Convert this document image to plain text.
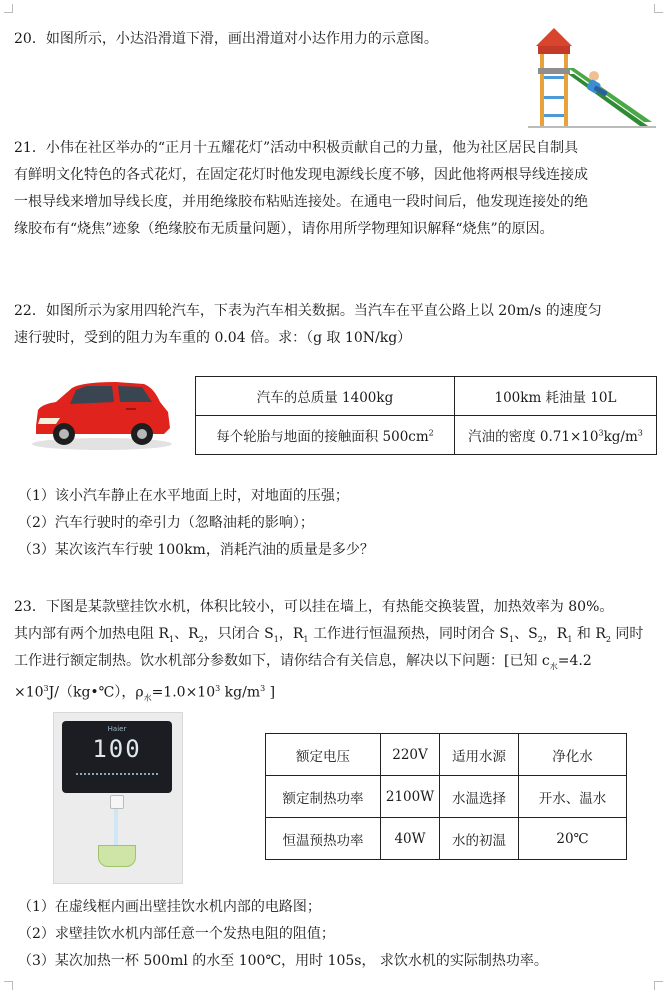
20．如图所示，小达沿滑道下滑，画出滑道对小达作用力的示意图。

21．小伟在社区举办的“正月十五耀花灯”活动中积极贡献自己的力量，他为社区居民自制具

有鲜明文化特色的各式花灯，在固定花灯时他发现电源线长度不够，因此他将两根导线连接成

一根导线来增加导线长度，并用绝缘胶布粘贴连接处。在通电一段时间后，他发现连接处的绝

缘胶布有“烧焦”迹象（绝缘胶布无质量问题），请你用所学物理知识解释“烧焦”的原因。

22．如图所示为家用四轮汽车，下表为汽车相关数据。当汽车在平直公路上以 20m/s 的速度匀

速行驶时，受到的阻力为车重的 0.04 倍。求：（g 取 10N/kg）

汽车的总质量 1400kg	100km 耗油量 10L
每个轮胎与地面的接触面积 $500cm^2$	汽油的密度 $0.71\times 10^3kg/m^3$

（1）该小汽车静止在水平地面上时，对地面的压强；

（2）汽车行驶时的牵引力（忽略油耗的影响）；

（3）某次该汽车行驶 100km，消耗汽油的质量是多少？

23．下图是某款壁挂饮水机，体积比较小，可以挂在墙上，有热能交换装置，加热效率为 80%。

其内部有两个加热电阻 $R_1$、$R_2$，只闭合 $S_1$，$R_1$ 工作进行恒温预热，同时闭合 $S_1$、$S_2$，$R_1$ 和 $R_2$ 同时

工作进行额定制热。饮水机部分参数如下，请你结合有关信息，解决以下问题：[已知 $c_水=4.2$

$\times 10^3J/(kg•℃)$，$\rho_水=1.0\times 10^3$ $kg/m^3$ ]

Haier
100	额定电压	220V	适用水源	净化水
额定制热功率	2100W	水温选择	开水、温水
恒温预热功率	40W	水的初温	20℃

（1）在虚线框内画出壁挂饮水机内部的电路图；

（2）求壁挂饮水机内部任意一个发热电阻的阻值；

（3）某次加热一杯 500ml 的水至 100℃，用时 105s， 求饮水机的实际制热功率。
